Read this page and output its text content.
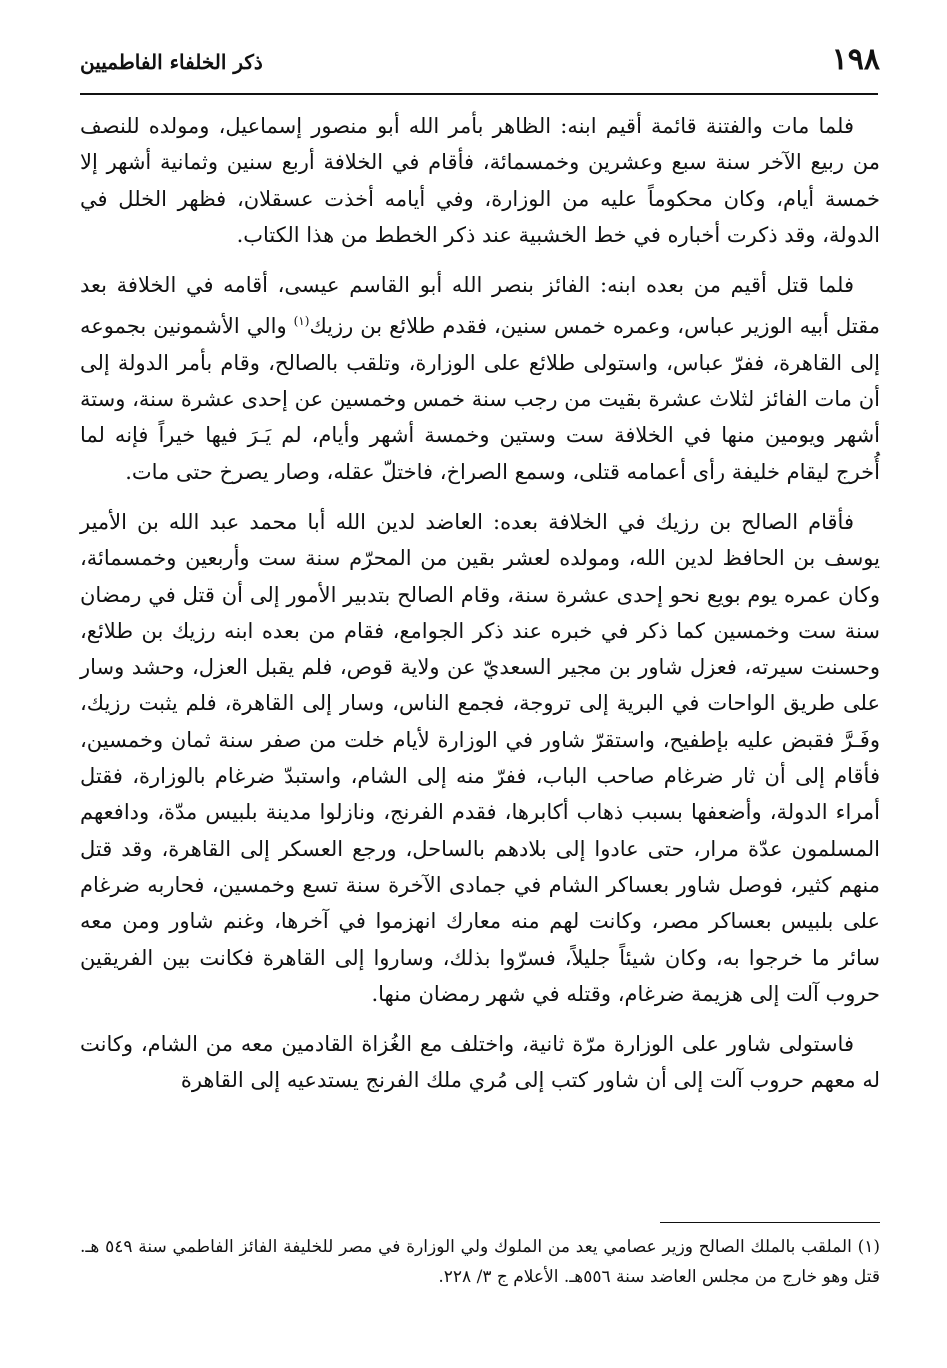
١٩٨
ذكر الخلفاء الفاطميين

فلما مات والفتنة قائمة أقيم ابنه: الظاهر بأمر الله أبو منصور إسماعيل، ومولده للنصف من ربيع الآخر سنة سبع وعشرين وخمسمائة، فأقام في الخلافة أربع سنين وثمانية أشهر إلا خمسة أيام، وكان محكوماً عليه من الوزارة، وفي أيامه أخذت عسقلان، فظهر الخلل في الدولة، وقد ذكرت أخباره في خط الخشبية عند ذكر الخطط من هذا الكتاب.

فلما قتل أقيم من بعده ابنه: الفائز بنصر الله أبو القاسم عيسى، أقامه في الخلافة بعد مقتل أبيه الوزير عباس، وعمره خمس سنين، فقدم طلائع بن رزيك$^{(١)}$ والي الأشمونين بجموعه إلى القاهرة، ففرّ عباس، واستولى طلائع على الوزارة، وتلقب بالصالح، وقام بأمر الدولة إلى أن مات الفائز لثلاث عشرة بقيت من رجب سنة خمس وخمسين عن إحدى عشرة سنة، وستة أشهر ويومين منها في الخلافة ست وستين وخمسة أشهر وأيام، لم يَـرَ فيها خيراً فإنه لما أُخرج ليقام خليفة رأى أعمامه قتلى، وسمع الصراخ، فاختلّ عقله، وصار يصرخ حتى مات.

فأقام الصالح بن رزيك في الخلافة بعده: العاضد لدين الله أبا محمد عبد الله بن الأمير يوسف بن الحافظ لدين الله، ومولده لعشر بقين من المحرّم سنة ست وأربعين وخمسمائة، وكان عمره يوم بويع نحو إحدى عشرة سنة، وقام الصالح بتدبير الأمور إلى أن قتل في رمضان سنة ست وخمسين كما ذكر في خبره عند ذكر الجوامع، فقام من بعده ابنه رزيك بن طلائع، وحسنت سيرته، فعزل شاور بن مجير السعديّ عن ولاية قوص، فلم يقبل العزل، وحشد وسار على طريق الواحات في البرية إلى تروجة، فجمع الناس، وسار إلى القاهرة، فلم يثبت رزيك، وفَـرَّ فقبض عليه بإطفيح، واستقرّ شاور في الوزارة لأيام خلت من صفر سنة ثمان وخمسين، فأقام إلى أن ثار ضرغام صاحب الباب، ففرّ منه إلى الشام، واستبدّ ضرغام بالوزارة، فقتل أمراء الدولة، وأضعفها بسبب ذهاب أكابرها، فقدم الفرنج، ونازلوا مدينة بلبيس مدّة، ودافعهم المسلمون عدّة مرار، حتى عادوا إلى بلادهم بالساحل، ورجع العسكر إلى القاهرة، وقد قتل منهم كثير، فوصل شاور بعساكر الشام في جمادى الآخرة سنة تسع وخمسين، فحاربه ضرغام على بلبيس بعساكر مصر، وكانت لهم منه معارك انهزموا في آخرها، وغنم شاور ومن معه سائر ما خرجوا به، وكان شيئاً جليلاً، فسرّوا بذلك، وساروا إلى القاهرة فكانت بين الفريقين حروب آلت إلى هزيمة ضرغام، وقتله في شهر رمضان منها.

فاستولى شاور على الوزارة مرّة ثانية، واختلف مع الغُزاة القادمين معه من الشام، وكانت له معهم حروب آلت إلى أن شاور كتب إلى مُري ملك الفرنج يستدعيه إلى القاهرة

(١) الملقب بالملك الصالح وزير عصامي يعد من الملوك ولي الوزارة في مصر للخليفة الفائز الفاطمي سنة ٥٤٩ هـ. قتل وهو خارج من مجلس العاضد سنة ٥٥٦هـ. الأعلام ج ٣/ ٢٢٨.
